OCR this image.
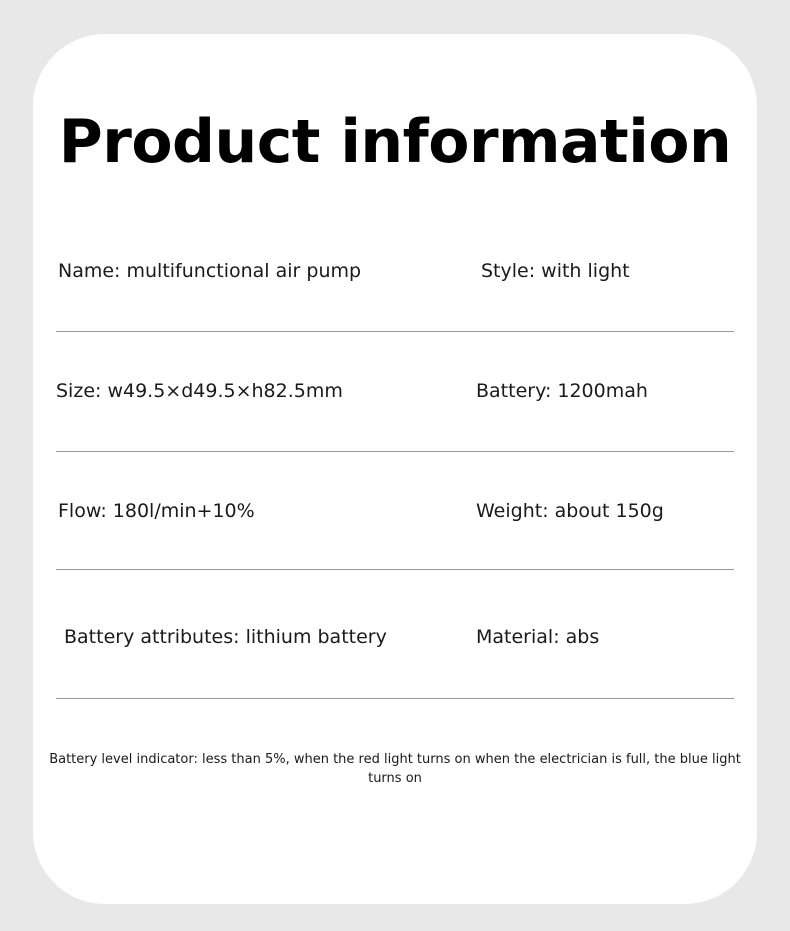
Product information
Name: multifunctional air pump	Style: with light
Size: w49.5×d49.5×h82.5mm	Battery: 1200mah
Flow: 180l/min+10%	Weight: about 150g
Battery attributes: lithium battery	Material: abs
Battery level indicator: less than 5%, when the red light turns on when the electrician is full, the blue light turns on
